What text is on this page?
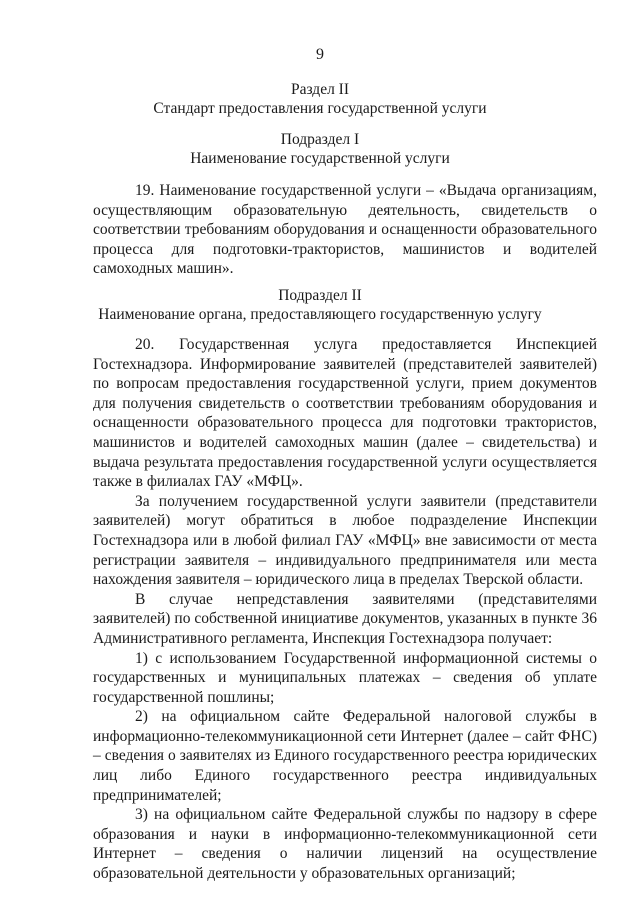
9
Раздел II
Стандарт предоставления государственной услуги
Подраздел I
Наименование государственной услуги

19. Наименование государственной услуги – «Выдача организациям, осуществляющим образовательную деятельность, свидетельств о соответствии требованиям оборудования и оснащенности образовательного процесса для подготовки-трактористов, машинистов и водителей самоходных машин».

Подраздел II
Наименование органа, предоставляющего государственную услугу

20. Государственная услуга предоставляется Инспекцией Гостехнадзора. Информирование заявителей (представителей заявителей) по вопросам предоставления государственной услуги, прием документов для получения свидетельств о соответствии требованиям оборудования и оснащенности образовательного процесса для подготовки трактористов, машинистов и водителей самоходных машин (далее – свидетельства) и выдача результата предоставления государственной услуги осуществляется также в филиалах ГАУ «МФЦ».

За получением государственной услуги заявители (представители заявителей) могут обратиться в любое подразделение Инспекции Гостехнадзора или в любой филиал ГАУ «МФЦ» вне зависимости от места регистрации заявителя – индивидуального предпринимателя или места нахождения заявителя – юридического лица в пределах Тверской области.

В случае непредставления заявителями (представителями заявителей) по собственной инициативе документов, указанных в пункте 36 Административного регламента, Инспекция Гостехнадзора получает:

1) с использованием Государственной информационной системы о государственных и муниципальных платежах – сведения об уплате государственной пошлины;

2) на официальном сайте Федеральной налоговой службы в информационно-телекоммуникационной сети Интернет (далее – сайт ФНС) – сведения о заявителях из Единого государственного реестра юридических лиц либо Единого государственного реестра индивидуальных предпринимателей;

3) на официальном сайте Федеральной службы по надзору в сфере образования и науки в информационно-телекоммуникационной сети Интернет – сведения о наличии лицензий на осуществление образовательной деятельности у образовательных организаций;
